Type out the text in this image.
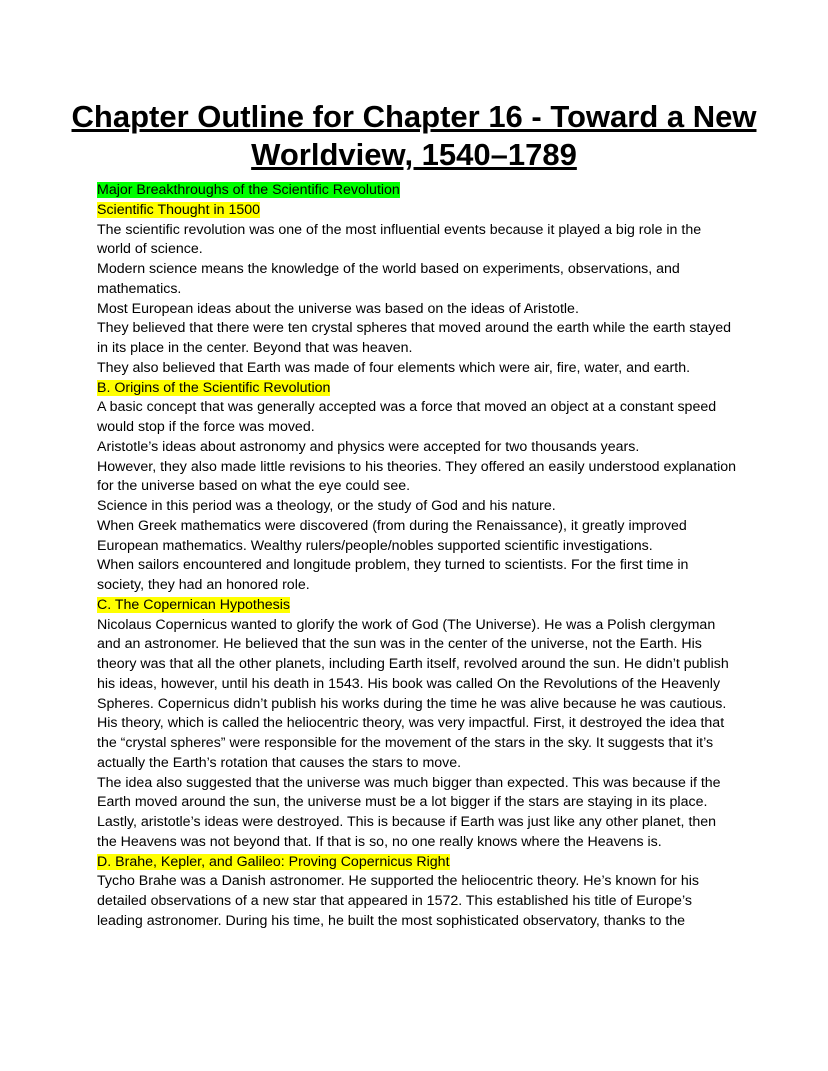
Chapter Outline for Chapter 16 - Toward a New Worldview, 1540–1789
Major Breakthroughs of the Scientific Revolution
Scientific Thought in 1500

The scientific revolution was one of the most influential events because it played a big role in the world of science.

Modern science means the knowledge of the world based on experiments, observations, and mathematics.

Most European ideas about the universe was based on the ideas of Aristotle.

They believed that there were ten crystal spheres that moved around the earth while the earth stayed in its place in the center. Beyond that was heaven.

They also believed that Earth was made of four elements which were air, fire, water, and earth.

B. Origins of the Scientific Revolution

A basic concept that was generally accepted was a force that moved an object at a constant speed would stop if the force was moved.

Aristotle’s ideas about astronomy and physics were accepted for two thousands years.

However, they also made little revisions to his theories. They offered an easily understood explanation for the universe based on what the eye could see.

Science in this period was a theology, or the study of God and his nature.

When Greek mathematics were discovered (from during the Renaissance), it greatly improved European mathematics. Wealthy rulers/people/nobles supported scientific investigations.

When sailors encountered and longitude problem, they turned to scientists. For the first time in society, they had an honored role.

C. The Copernican Hypothesis

Nicolaus Copernicus wanted to glorify the work of God (The Universe). He was a Polish clergyman and an astronomer. He believed that the sun was in the center of the universe, not the Earth. His theory was that all the other planets, including Earth itself, revolved around the sun. He didn’t publish his ideas, however, until his death in 1543. His book was called On the Revolutions of the Heavenly Spheres. Copernicus didn’t publish his works during the time he was alive because he was cautious. His theory, which is called the heliocentric theory, was very impactful. First, it destroyed the idea that the “crystal spheres” were responsible for the movement of the stars in the sky. It suggests that it’s actually the Earth’s rotation that causes the stars to move.

The idea also suggested that the universe was much bigger than expected. This was because if the Earth moved around the sun, the universe must be a lot bigger if the stars are staying in its place. Lastly, aristotle’s ideas were destroyed. This is because if Earth was just like any other planet, then the Heavens was not beyond that. If that is so, no one really knows where the Heavens is.

D. Brahe, Kepler, and Galileo: Proving Copernicus Right

Tycho Brahe was a Danish astronomer. He supported the heliocentric theory. He’s known for his detailed observations of a new star that appeared in 1572. This established his title of Europe’s leading astronomer. During his time, he built the most sophisticated observatory, thanks to the
